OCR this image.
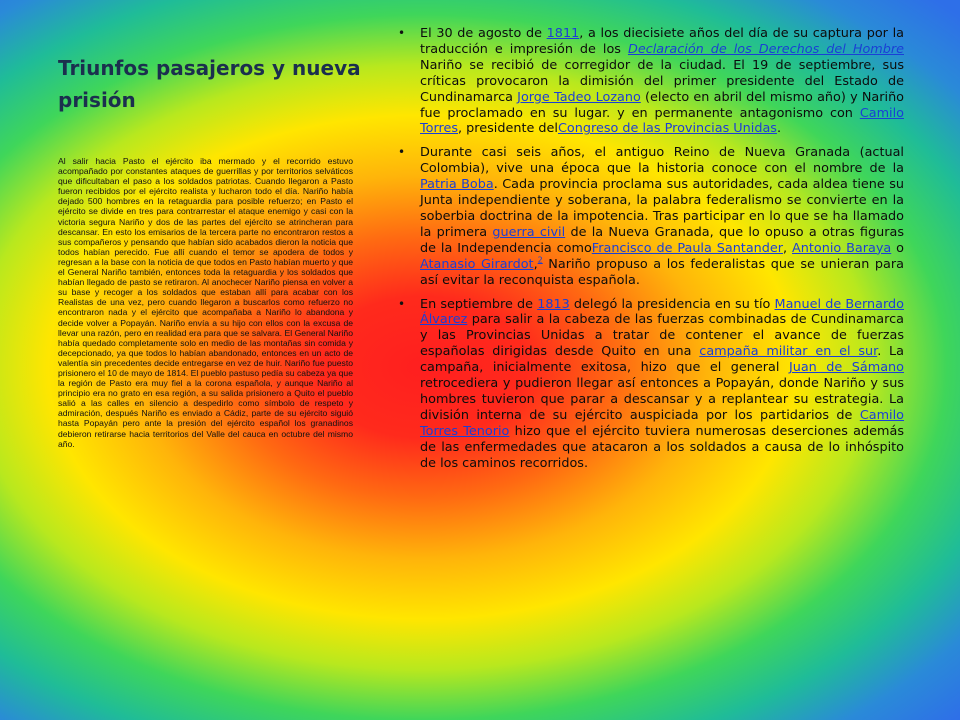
Triunfos pasajeros y nueva prisión

Al salir hacia Pasto el ejército iba mermado y el recorrido estuvo acompañado por constantes ataques de guerrillas y por territorios selváticos que dificultaban el paso a los soldados patriotas. Cuando llegaron a Pasto fueron recibidos por el ejército realista y lucharon todo el día. Nariño había dejado 500 hombres en la retaguardia para posible refuerzo; en Pasto el ejército se divide en tres para contrarrestar el ataque enemigo y casi con la victoria segura Nariño y dos de las partes del ejército se atrincheran para descansar. En esto los emisarios de la tercera parte no encontraron restos a sus compañeros y pensando que habían sido acabados dieron la noticia que todos habían perecido. Fue allí cuando el temor se apodera de todos y regresan a la base con la noticia de que todos en Pasto habían muerto y que el General Nariño también, entonces toda la retaguardia y los soldados que habían llegado de pasto se retiraron. Al anochecer Nariño piensa en volver a su base y recoger a los soldados que estaban allí para acabar con los Realistas de una vez, pero cuando llegaron a buscarlos como refuerzo no encontraron nada y el ejército que acompañaba a Nariño lo abandona y decide volver a Popayán. Nariño envía a su hijo con ellos con la excusa de llevar una razón, pero en realidad era para que se salvara. El General Nariño había quedado completamente solo en medio de las montañas sin comida y decepcionado, ya que todos lo habían abandonado, entonces en un acto de valentía sin precedentes decide entregarse en vez de huir. Nariño fue puesto prisionero el 10 de mayo de 1814. El pueblo pastuso pedía su cabeza ya que la región de Pasto era muy fiel a la corona española, y aunque Nariño al principio era no grato en esa región, a su salida prisionero a Quito el pueblo salió a las calles en silencio a despedirlo como símbolo de respeto y admiración, después Nariño es enviado a Cádiz, parte de su ejército siguió hasta Popayán pero ante la presión del ejército español los granadinos debieron retirarse hacia territorios del Valle del cauca en octubre del mismo año.

• El 30 de agosto de 1811, a los diecisiete años del día de su captura por la traducción e impresión de los Declaración de los Derechos del Hombre Nariño se recibió de corregidor de la ciudad. El 19 de septiembre, sus críticas provocaron la dimisión del primer presidente del Estado de Cundinamarca Jorge Tadeo Lozano (electo en abril del mismo año) y Nariño fue proclamado en su lugar. y en permanente antagonismo con Camilo Torres, presidente delCongreso de las Provincias Unidas.
• Durante casi seis años, el antiguo Reino de Nueva Granada (actual Colombia), vive una época que la historia conoce con el nombre de la Patria Boba. Cada provincia proclama sus autoridades, cada aldea tiene su Junta independiente y soberana, la palabra federalismo se convierte en la soberbia doctrina de la impotencia. Tras participar en lo que se ha llamado la primera guerra civil de la Nueva Granada, que lo opuso a otras figuras de la Independencia comoFrancisco de Paula Santander, Antonio Baraya o Atanasio Girardot,$^2$ Nariño propuso a los federalistas que se unieran para así evitar la reconquista española.
• En septiembre de 1813 delegó la presidencia en su tío Manuel de Bernardo Álvarez para salir a la cabeza de las fuerzas combinadas de Cundinamarca y las Provincias Unidas a tratar de contener el avance de fuerzas españolas dirigidas desde Quito en una campaña militar en el sur. La campaña, inicialmente exitosa, hizo que el general Juan de Sámano retrocediera y pudieron llegar así entonces a Popayán, donde Nariño y sus hombres tuvieron que parar a descansar y a replantear su estrategia. La división interna de su ejército auspiciada por los partidarios de Camilo Torres Tenorio hizo que el ejército tuviera numerosas deserciones además de las enfermedades que atacaron a los soldados a causa de lo inhóspito de los caminos recorridos.
